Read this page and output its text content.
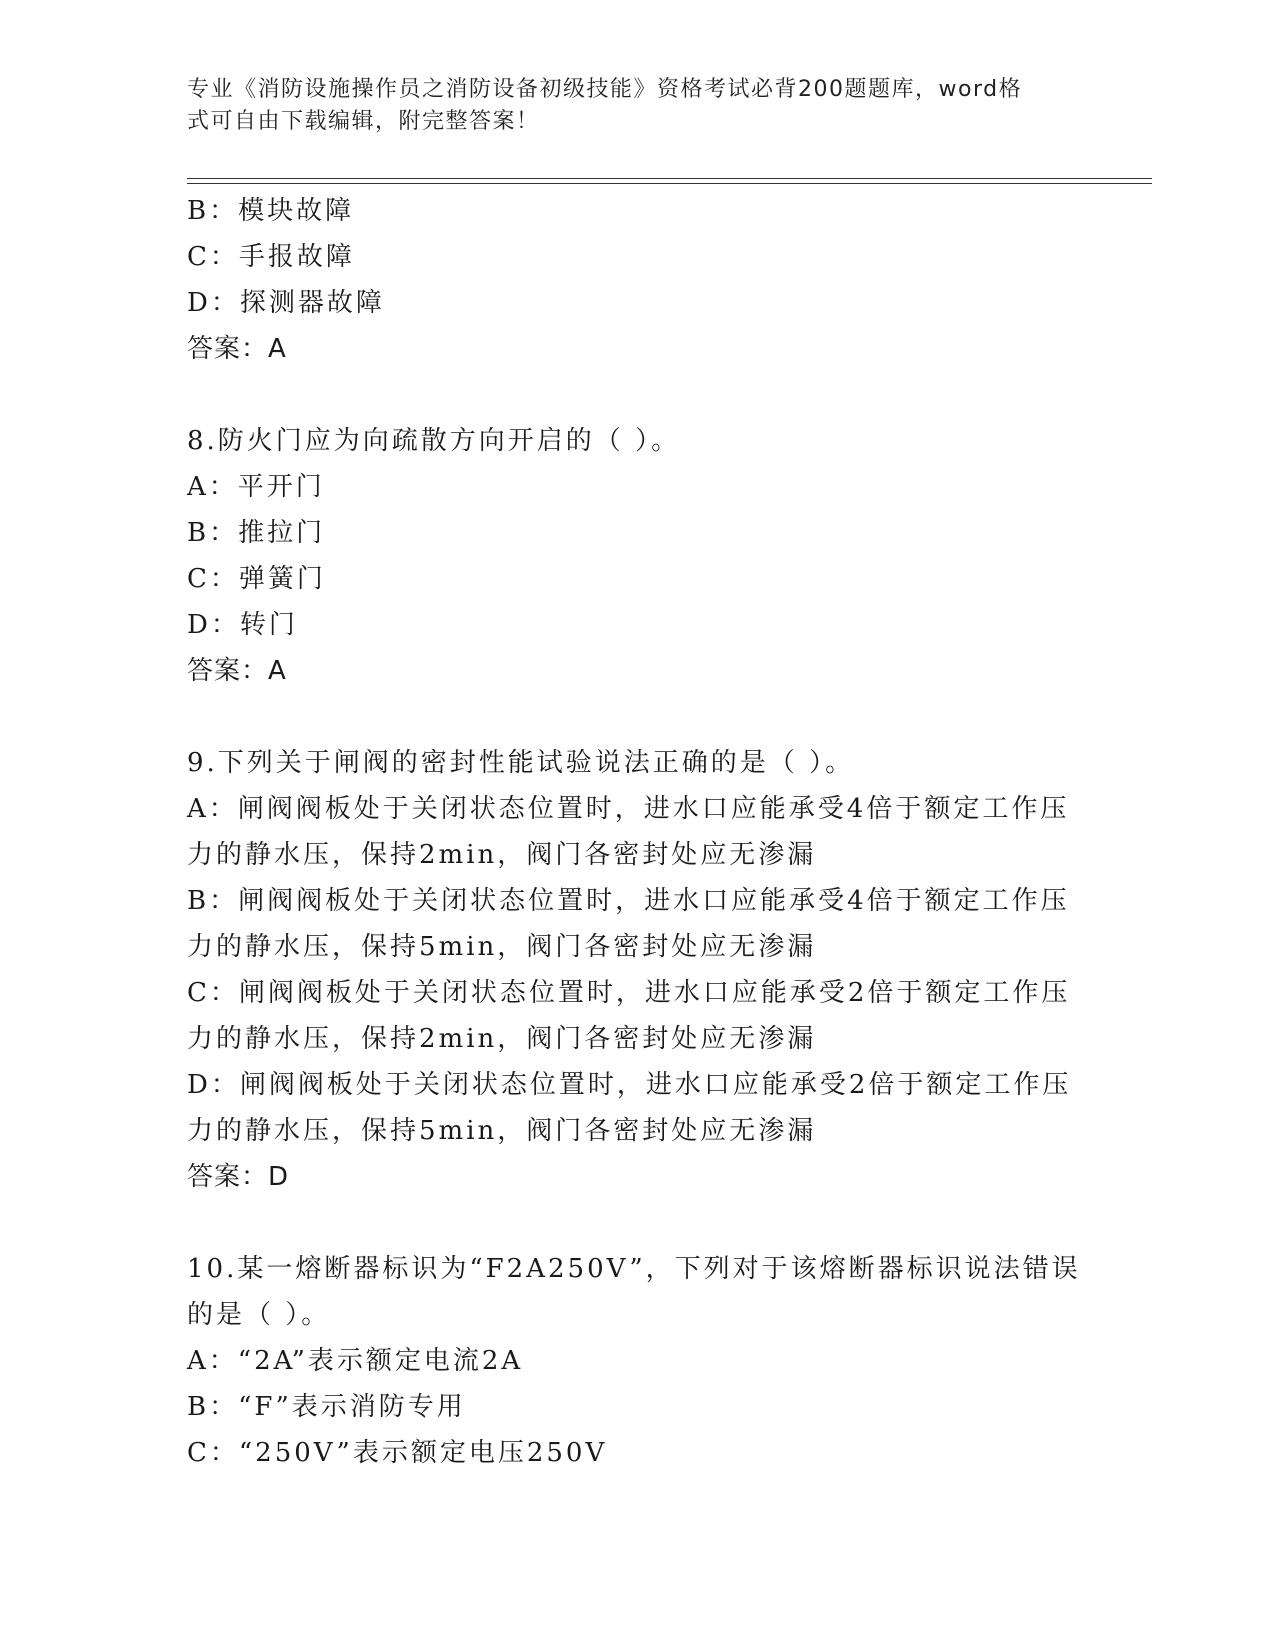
专业《消防设施操作员之消防设备初级技能》资格考试必背200题题库，word格
式可自由下载编辑，附完整答案！
B：模块故障
C：手报故障
D：探测器故障
答案：A
8.防火门应为向疏散方向开启的（ ）。
A：平开门
B：推拉门
C：弹簧门
D：转门
答案：A
9.下列关于闸阀的密封性能试验说法正确的是（ ）。
A：闸阀阀板处于关闭状态位置时，进水口应能承受4倍于额定工作压
力的静水压，保持2min，阀门各密封处应无渗漏
B：闸阀阀板处于关闭状态位置时，进水口应能承受4倍于额定工作压
力的静水压，保持5min，阀门各密封处应无渗漏
C：闸阀阀板处于关闭状态位置时，进水口应能承受2倍于额定工作压
力的静水压，保持2min，阀门各密封处应无渗漏
D：闸阀阀板处于关闭状态位置时，进水口应能承受2倍于额定工作压
力的静水压，保持5min，阀门各密封处应无渗漏
答案：D
10.某一熔断器标识为“F2A250V”，下列对于该熔断器标识说法错误
的是（ ）。
A：“2A”表示额定电流2A
B：“F”表示消防专用
C：“250V”表示额定电压250V
